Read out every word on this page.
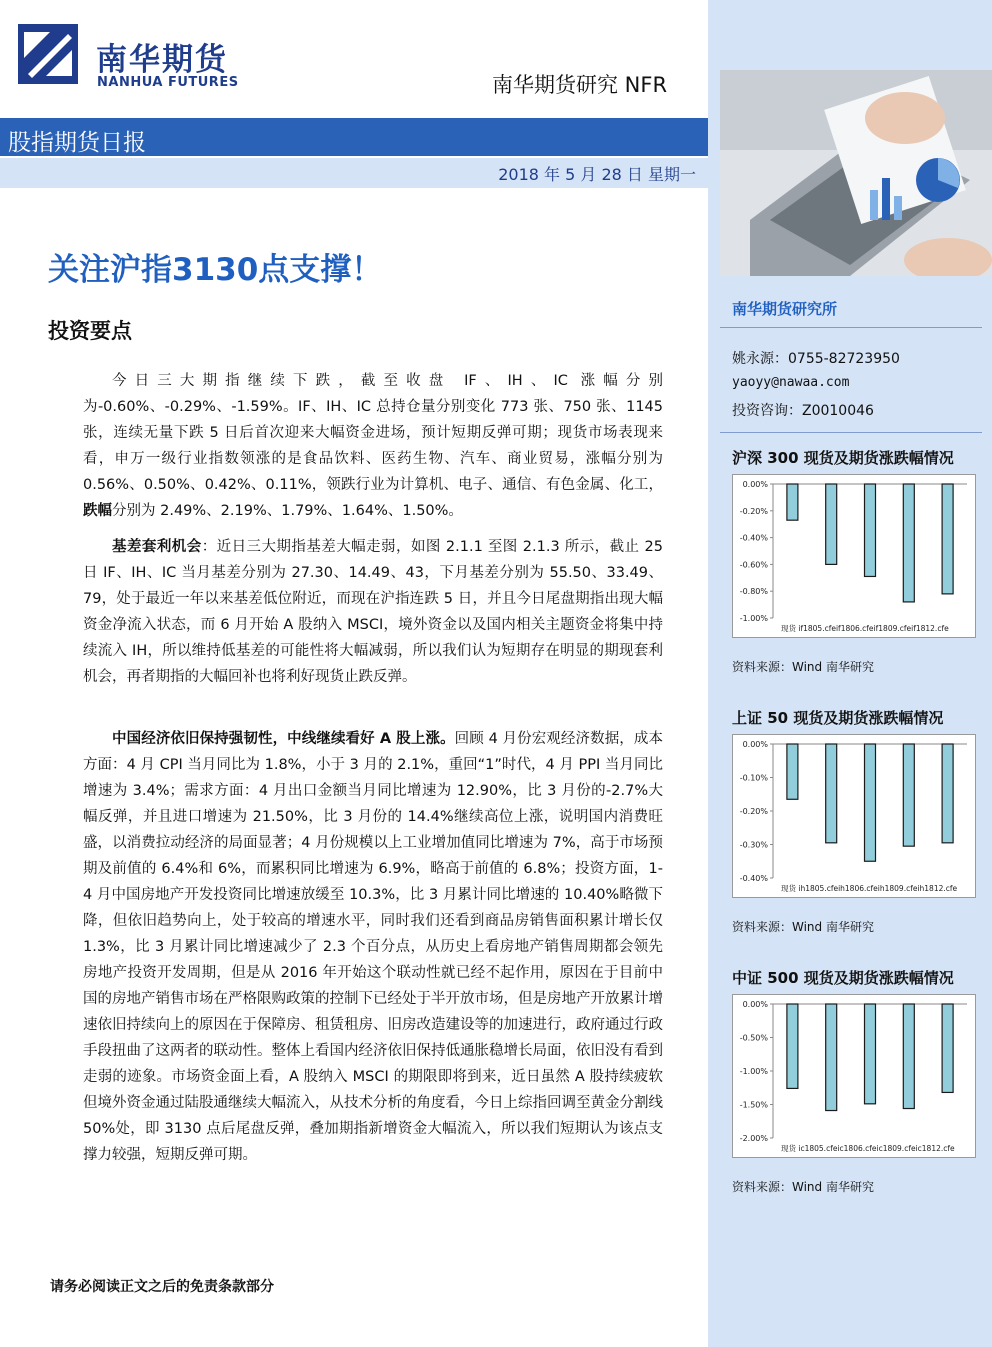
南华期货
NANHUA FUTURES	南华期货研究 NFR
股指期货日报
2018 年 5 月 28 日 星期一
关注沪指3130点支撑！
投资要点
今日三大期指继续下跌，截至收盘 IF、IH、IC 涨幅分别为-0.60%、-0.29%、-1.59%。IF、IH、IC 总持仓量分别变化 773 张、750 张、1145 张，连续无量下跌 5 日后首次迎来大幅资金进场，预计短期反弹可期；现货市场表现来看，申万一级行业指数领涨的是食品饮料、医药生物、汽车、商业贸易，涨幅分别为 0.56%、0.50%、0.42%、0.11%，领跌行业为计算机、电子、通信、有色金属、化工，跌幅分别为 2.49%、2.19%、1.79%、1.64%、1.50%。
基差套利机会：近日三大期指基差大幅走弱，如图 2.1.1 至图 2.1.3 所示，截止 25 日 IF、IH、IC 当月基差分别为 27.30、14.49、43，下月基差分别为 55.50、33.49、79，处于最近一年以来基差低位附近，而现在沪指连跌 5 日，并且今日尾盘期指出现大幅资金净流入状态，而 6 月开始 A 股纳入 MSCI，境外资金以及国内相关主题资金将集中持续流入 IH，所以维持低基差的可能性将大幅减弱，所以我们认为短期存在明显的期现套利机会，再者期指的大幅回补也将利好现货止跌反弹。
中国经济依旧保持强韧性，中线继续看好 A 股上涨。回顾 4 月份宏观经济数据，成本方面：4 月 CPI 当月同比为 1.8%，小于 3 月的 2.1%，重回“1”时代，4 月 PPI 当月同比增速为 3.4%；需求方面：4 月出口金额当月同比增速为 12.90%，比 3 月份的-2.7%大幅反弹，并且进口增速为 21.50%，比 3 月份的 14.4%继续高位上涨，说明国内消费旺盛，以消费拉动经济的局面显著；4 月份规模以上工业增加值同比增速为 7%，高于市场预期及前值的 6.4%和 6%，而累积同比增速为 6.9%，略高于前值的 6.8%；投资方面，1-4 月中国房地产开发投资同比增速放缓至 10.3%，比 3 月累计同比增速的 10.40%略微下降，但依旧趋势向上，处于较高的增速水平，同时我们还看到商品房销售面积累计增长仅 1.3%，比 3 月累计同比增速减少了 2.3 个百分点，从历史上看房地产销售周期都会领先房地产投资开发周期，但是从 2016 年开始这个联动性就已经不起作用，原因在于目前中国的房地产销售市场在严格限购政策的控制下已经处于半开放市场，但是房地产开放累计增速依旧持续向上的原因在于保障房、租赁租房、旧房改造建设等的加速进行，政府通过行政手段扭曲了这两者的联动性。整体上看国内经济依旧保持低通胀稳增长局面，依旧没有看到走弱的迹象。市场资金面上看，A 股纳入 MSCI 的期限即将到来，近日虽然 A 股持续疲软但境外资金通过陆股通继续大幅流入，从技术分析的角度看，今日上综指回调至黄金分割线 50%处，即 3130 点后尾盘反弹，叠加期指新增资金大幅流入，所以我们短期认为该点支撑力较强，短期反弹可期。
请务必阅读正文之后的免责条款部分
南华期货研究所
姚永源：0755-82723950
yaoyy@nawaa.com
投资咨询：Z0010046
沪深 300 现货及期货涨跌幅情况
0.00%
-0.20%
-0.40%
-0.60%
-0.80%
-1.00%
现货 if1805.cfeif1806.cfeif1809.cfeif1812.cfe
资料来源：Wind 南华研究
上证 50 现货及期货涨跌幅情况
0.00%
-0.10%
-0.20%
-0.30%
-0.40%
现货 ih1805.cfeih1806.cfeih1809.cfeih1812.cfe
资料来源：Wind 南华研究
中证 500 现货及期货涨跌幅情况
0.00%
-0.50%
-1.00%
-1.50%
-2.00%
现货 ic1805.cfeic1806.cfeic1809.cfeic1812.cfe
资料来源：Wind 南华研究
